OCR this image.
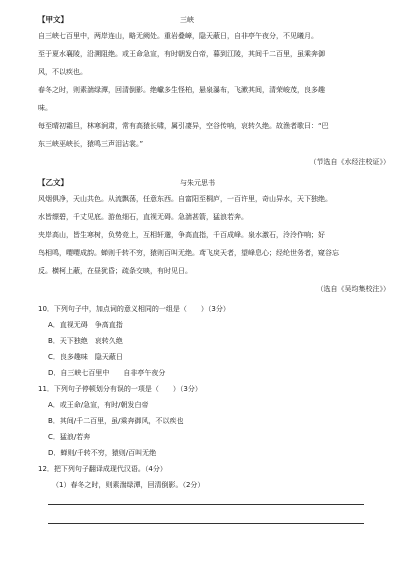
【甲文】	三峡

自三峡七百里中，两岸连山，略无阙处。重岩叠嶂，隐天蔽日，自非亭午夜分，不见曦月。

至于夏水襄陵，沿溯阻绝。或王命急宣，有时朝发白帝，暮到江陵，其间千二百里，虽乘奔御

风，不以疾也。

春冬之时，则素湍绿潭，回清倒影。绝巘多生怪柏，悬泉瀑布，飞漱其间，清荣峻茂，良多趣

味。

每至晴初霜旦，林寒涧肃，常有高猿长啸，属引凄异，空谷传响，哀转久绝。故渔者歌曰：“巴

东三峡巫峡长，猿鸣三声泪沾裳。”

（节选自《水经注校证》）
【乙文】	与朱元思书

风烟俱净，天山共色。从流飘荡，任意东西。自富阳至桐庐，一百许里，奇山异水，天下独绝。

水皆缥碧，千丈见底。游鱼细石，直视无碍。急湍甚箭，猛浪若奔。

夹岸高山，皆生寒树，负势竞上，互相轩邈，争高直指，千百成峰。泉水激石，泠泠作响；好

鸟相鸣，嘤嘤成韵。蝉则千转不穷，猿则百叫无绝。鸢飞戾天者，望峰息心；经纶世务者，窥谷忘

反。横柯上蔽，在昼犹昏；疏条交映，有时见日。

（选自《吴均集校注》）

10．下列句子中，加点词的意义相同的一组是（　　）（3分）

A．直视无碍　争高直指

B．天下独绝　哀转久绝

C．良多趣味　隐天蔽日

D．自三峡七百里中　　自非亭午夜分

11．下列句子停顿划分有误的一项是（　　）（3分）

A．或王命/急宣，有时/朝发白帝

B．其间/千二百里，虽/乘奔御风，不以疾也

C．猛浪/若奔

D．蝉则/千转不穷，猿则/百叫无绝

12．把下列句子翻译成现代汉语。（4分）

（1）春冬之时，则素湍绿潭，回清倒影。（2分）
